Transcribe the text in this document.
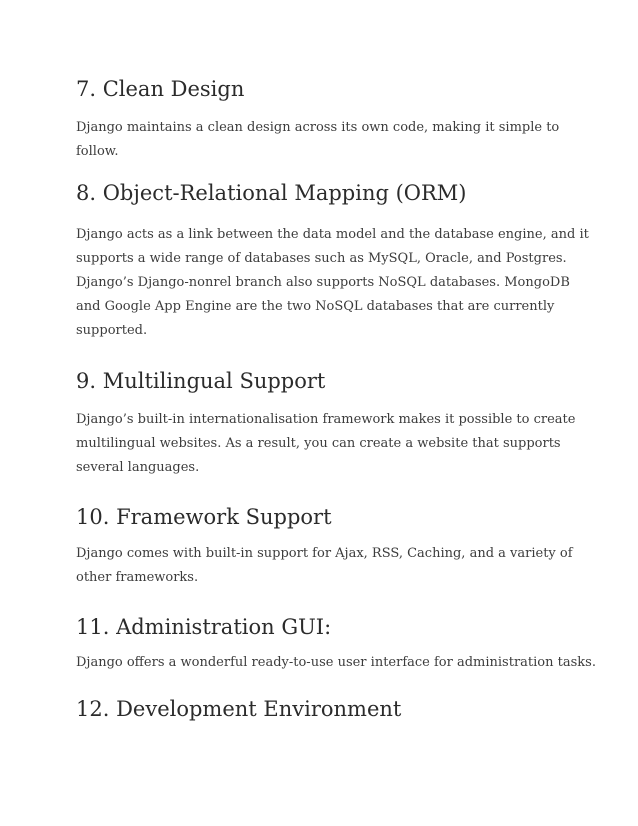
7. Clean Design

Django maintains a clean design across its own code, making it simple to
follow.

8. Object-Relational Mapping (ORM)

Django acts as a link between the data model and the database engine, and it
supports a wide range of databases such as MySQL, Oracle, and Postgres.
Django’s Django-nonrel branch also supports NoSQL databases. MongoDB
and Google App Engine are the two NoSQL databases that are currently
supported.

9. Multilingual Support

Django’s built-in internationalisation framework makes it possible to create
multilingual websites. As a result, you can create a website that supports
several languages.

10. Framework Support

Django comes with built-in support for Ajax, RSS, Caching, and a variety of
other frameworks.

11. Administration GUI:

Django offers a wonderful ready-to-use user interface for administration tasks.

12. Development Environment
